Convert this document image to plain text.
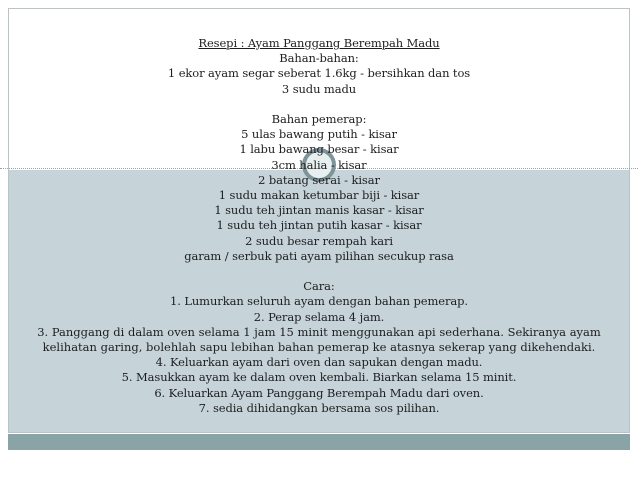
Resepi : Ayam Panggang Berempah Madu
Bahan-bahan:
1 ekor ayam segar seberat 1.6kg - bersihkan dan tos
3 sudu madu
Bahan pemerap:
5 ulas bawang putih - kisar
1 labu bawang besar - kisar
3cm halia - kisar
2 batang serai - kisar
1 sudu makan ketumbar biji - kisar
1 sudu teh jintan manis kasar - kisar
1 sudu teh jintan putih kasar - kisar
2 sudu besar rempah kari
garam / serbuk pati ayam pilihan secukup rasa
Cara:
1. Lumurkan seluruh ayam dengan bahan pemerap.
2. Perap selama 4 jam.
3. Panggang di dalam oven selama 1 jam 15 minit menggunakan api sederhana. Sekiranya ayam
kelihatan garing, bolehlah sapu lebihan bahan pemerap ke atasnya sekerap yang dikehendaki.
4. Keluarkan ayam dari oven dan sapukan dengan madu.
5. Masukkan ayam ke dalam oven kembali. Biarkan selama 15 minit.
6. Keluarkan Ayam Panggang Berempah Madu dari oven.
7. sedia dihidangkan bersama sos pilihan.
